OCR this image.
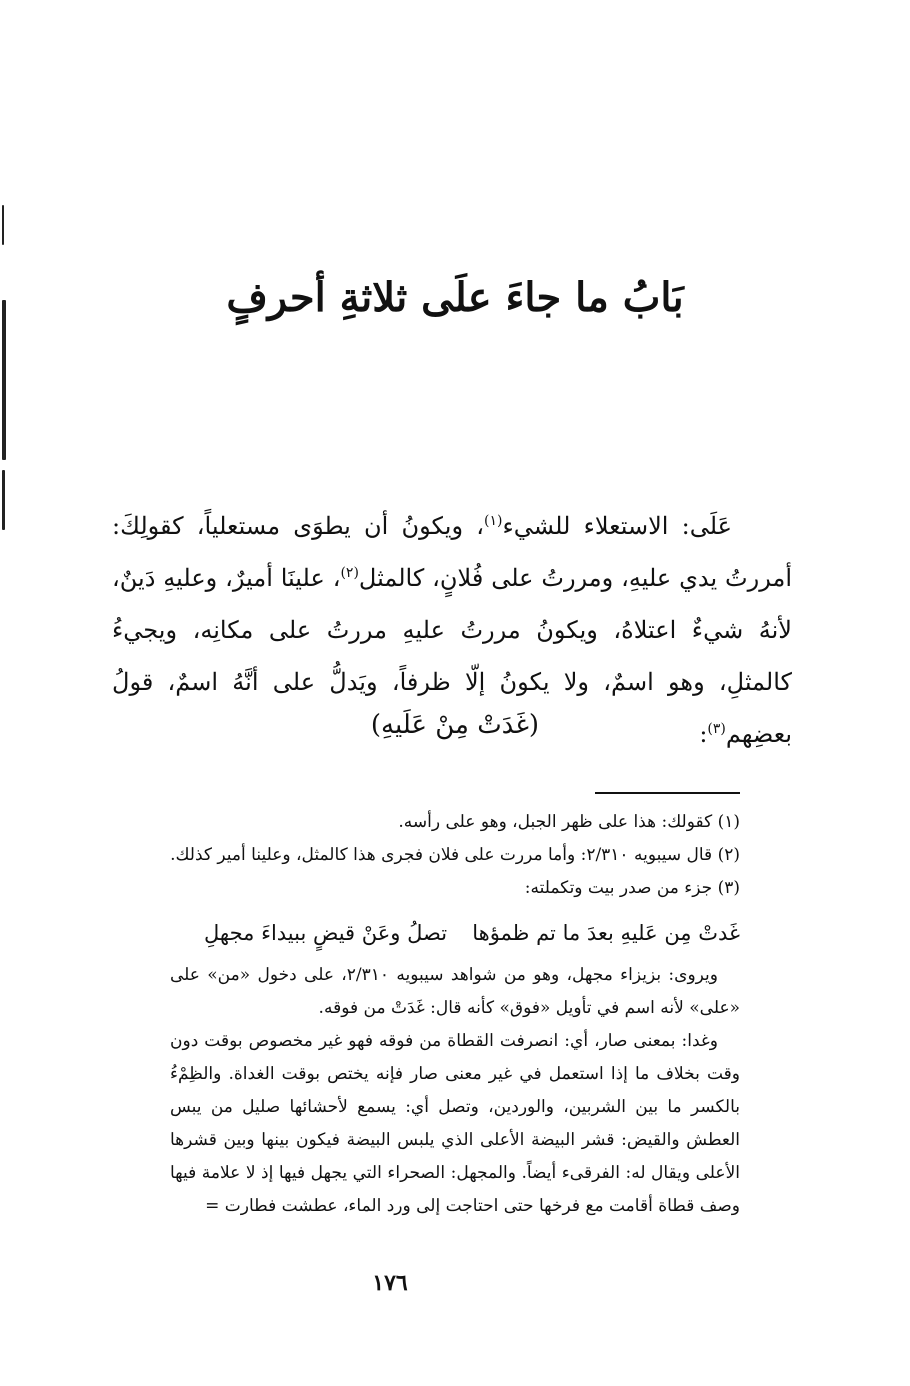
بَابُ ما جاءَ علَى ثلاثةِ أحرفٍ

عَلَى: الاستعلاء للشيء$^{(١)}$، ويكونُ أن يطوَى مستعلياً، كقولِكَ: أمررتُ يدي عليهِ، ومررتُ على فُلانٍ، كالمثل$^{(٢)}$، علينَا أميرٌ، وعليهِ دَينٌ، لأنهُ شيءٌ اعتلاهُ، ويكونُ مررتُ عليهِ مررتُ على مكانِه، ويجيءُ كالمثلِ، وهو اسمٌ، ولا يكونُ إلّا ظرفاً، ويَدلُّ على أنَّهُ اسمٌ، قولُ بعضِهم$^{(٣)}$:

(غَدَتْ مِنْ عَلَيهِ)

(١) كقولك: هذا على ظهر الجبل، وهو على رأسه.

(٢) قال سيبويه ٢/٣١٠: وأما مررت على فلان فجرى هذا كالمثل، وعلينا أمير كذلك.

(٣) جزء من صدر بيت وتكملته:

غَدتْ مِن عَليهِ بعدَ ما تم ظمؤها
تصلُ وعَنْ قيضٍ ببيداءَ مجهلِ

ويروى: بزيزاء مجهل، وهو من شواهد سيبويه ٢/٣١٠، على دخول «من» على «على» لأنه اسم في تأويل «فوق» كأنه قال: غَدَتْ من فوقه.

وغدا: بمعنى صار، أي: انصرفت القطاة من فوقه فهو غير مخصوص بوقت دون وقت بخلاف ما إذا استعمل في غير معنى صار فإنه يختص بوقت الغداة. والظِمْءُ بالكسر ما بين الشربين، والوردين، وتصل أي: يسمع لأحشائها صليل من يبس العطش والقيض: قشر البيضة الأعلى الذي يلبس البيضة فيكون بينها وبين قشرها الأعلى ويقال له: الفرقىء أيضاً. والمجهل: الصحراء التي يجهل فيها إذ لا علامة فيها وصف قطاة أقامت مع فرخها حتى احتاجت إلى ورد الماء، عطشت فطارت =

١٧٦
